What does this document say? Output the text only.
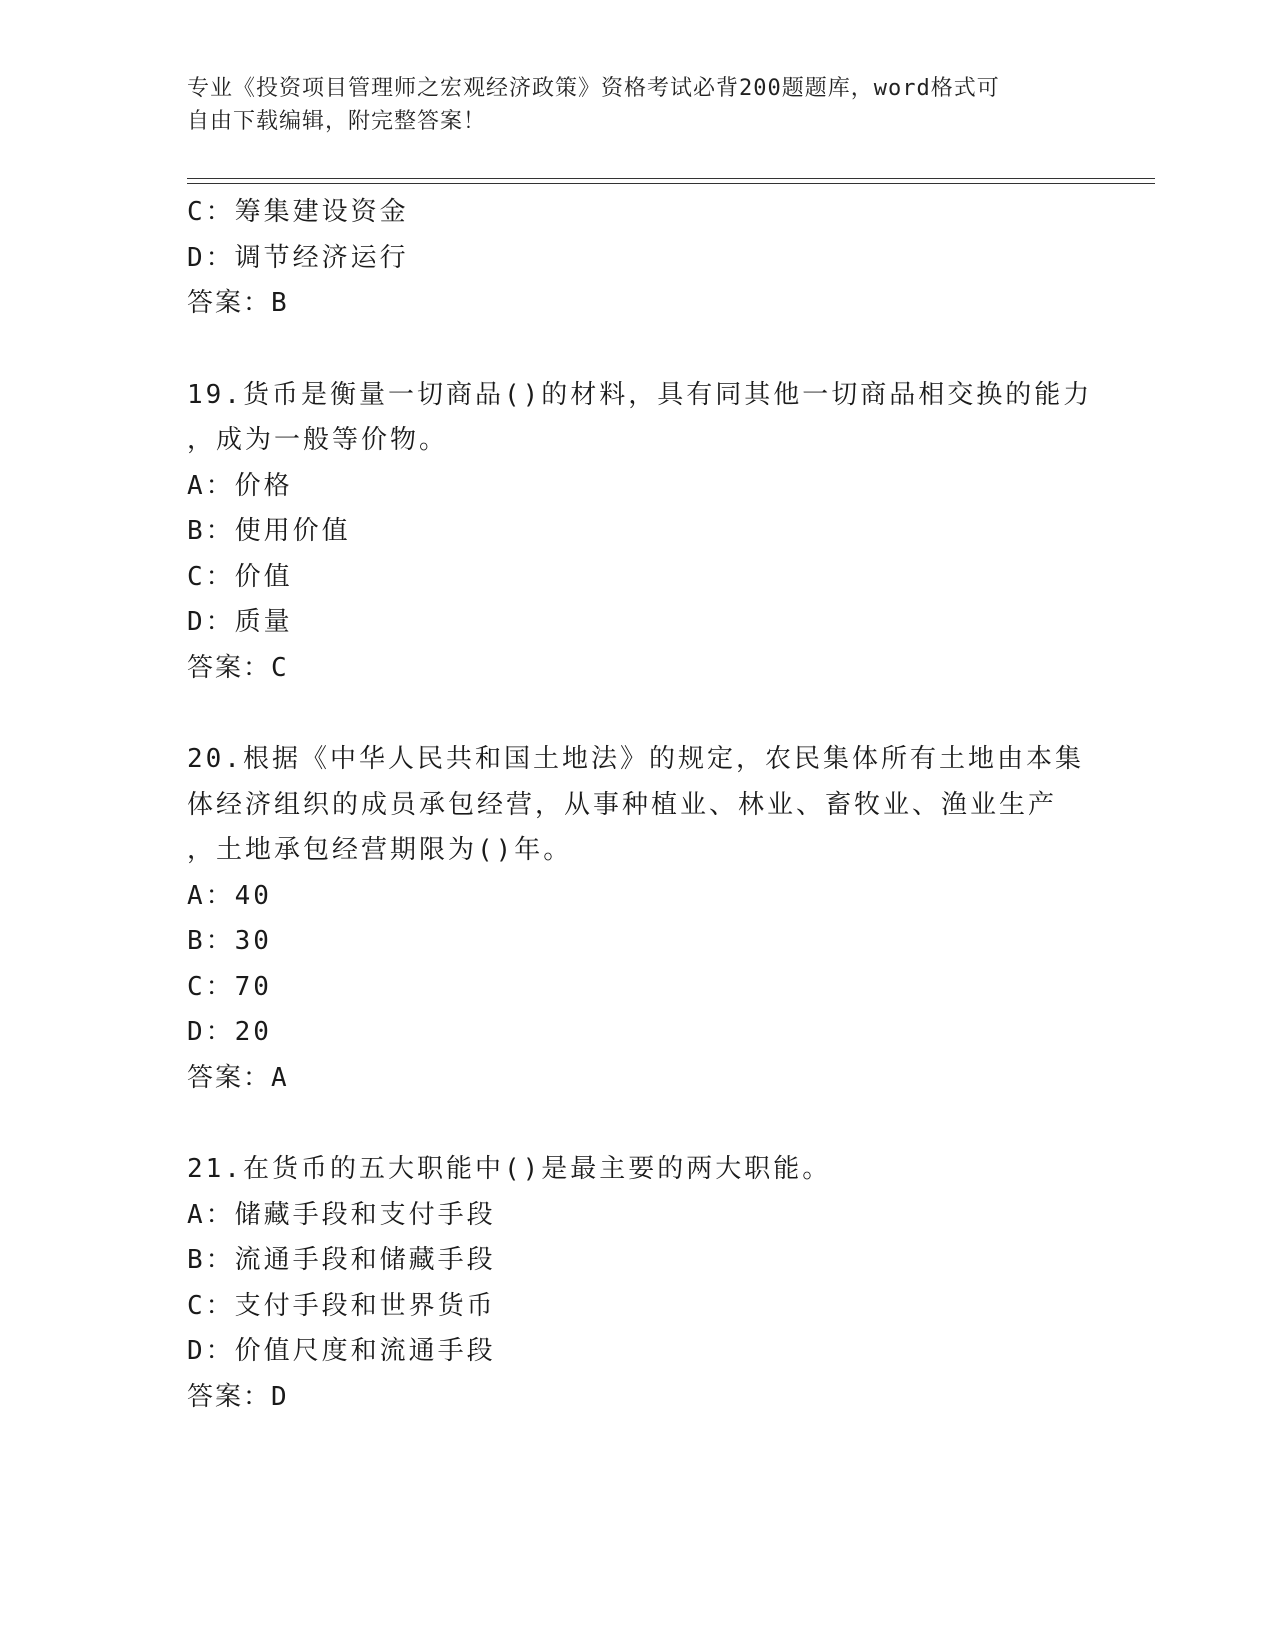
专业《投资项目管理师之宏观经济政策》资格考试必背200题题库，word格式可
自由下载编辑，附完整答案！
C：筹集建设资金
D：调节经济运行
答案：B
19.货币是衡量一切商品()的材料，具有同其他一切商品相交换的能力
，成为一般等价物。
A：价格
B：使用价值
C：价值
D：质量
答案：C
20.根据《中华人民共和国土地法》的规定，农民集体所有土地由本集
体经济组织的成员承包经营，从事种植业、林业、畜牧业、渔业生产
，土地承包经营期限为()年。
A：40
B：30
C：70
D：20
答案：A
21.在货币的五大职能中()是最主要的两大职能。
A：储藏手段和支付手段
B：流通手段和储藏手段
C：支付手段和世界货币
D：价值尺度和流通手段
答案：D
